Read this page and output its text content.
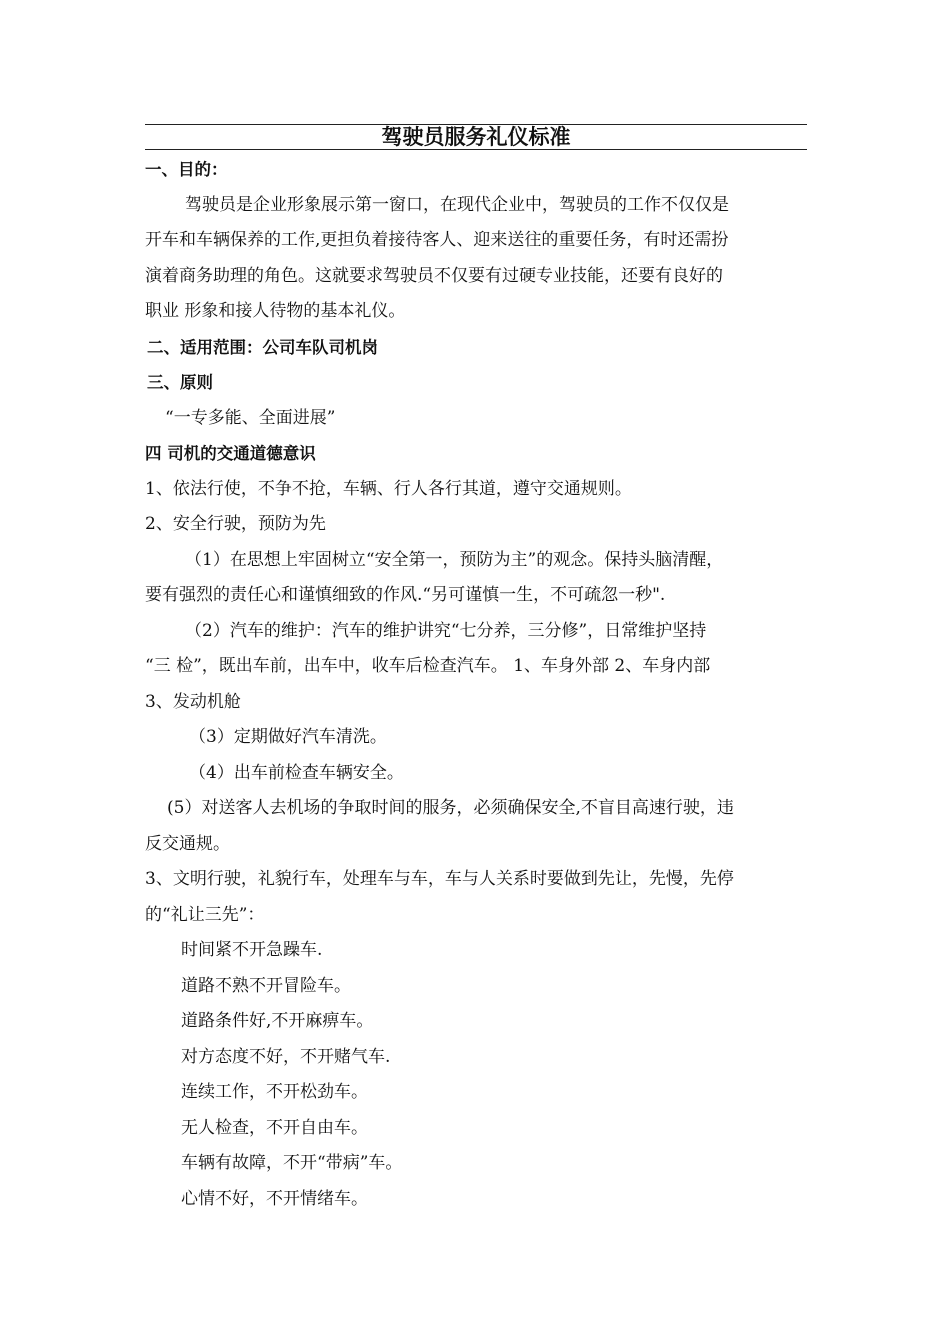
驾驶员服务礼仪标准

一、目的：

驾驶员是企业形象展示第一窗口，在现代企业中，驾驶员的工作不仅仅是

开车和车辆保养的工作,更担负着接待客人、迎来送往的重要任务，有时还需扮

演着商务助理的角色。这就要求驾驶员不仅要有过硬专业技能，还要有良好的

职业 形象和接人待物的基本礼仪。

二、适用范围：公司车队司机岗

三、原则

“一专多能、全面进展”

四 司机的交通道德意识

1、依法行使，不争不抢，车辆、行人各行其道，遵守交通规则。

2、安全行驶，预防为先

（1）在思想上牢固树立“安全第一，预防为主”的观念。保持头脑清醒，

要有强烈的责任心和谨慎细致的作风.“另可谨慎一生，不可疏忽一秒".

（2）汽车的维护：汽车的维护讲究“七分养，三分修”，日常维护坚持

“三 检”，既出车前，出车中，收车后检查汽车。 1、车身外部 2、车身内部

3、发动机舱

（3）定期做好汽车清洗。

（4）出车前检查车辆安全。

(5）对送客人去机场的争取时间的服务，必须确保安全,不盲目高速行驶，违

反交通规。

3、文明行驶，礼貌行车，处理车与车，车与人关系时要做到先让，先慢，先停

的“礼让三先”：

时间紧不开急躁车.

道路不熟不开冒险车。

道路条件好,不开麻痹车。

对方态度不好，不开赌气车.

连续工作，不开松劲车。

无人检查，不开自由车。

车辆有故障，不开“带病”车。

心情不好，不开情绪车。
